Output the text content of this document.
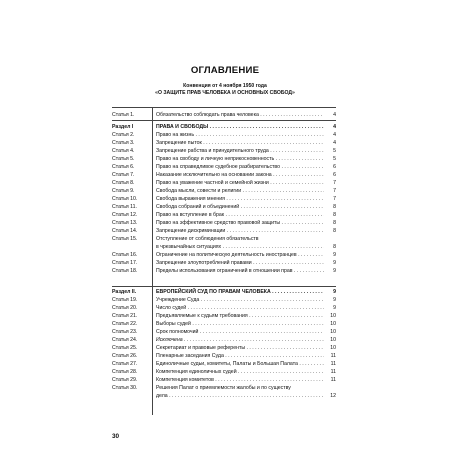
ОГЛАВЛЕНИЕ
Конвенция от 4 ноября 1950 года
«О ЗАЩИТЕ ПРАВ ЧЕЛОВЕКА И ОСНОВНЫХ СВОБОД»
Статья 1.	Обязательство соблюдать права человека . . .	4
Раздел I	ПРАВА И СВОБОДЫ . . .	4
Статья 2.	Право на жизнь . . .	4
Статья 3.	Запрещение пыток . . .	4
Статья 4.	Запрещение рабства и принудительного труда . . .	5
Статья 5.	Право на свободу и личную неприкосновенность . . .	5
Статья 6.	Право на справедливое судебное разбирательство . . .	6
Статья 7.	Наказание исключительно на основании закона . . .	6
Статья 8.	Право на уважение частной и семейной жизни . . .	7
Статья 9.	Свобода мысли, совести и религии . . .	7
Статья 10.	Свобода выражения мнения . . .	7
Статья 11.	Свобода собраний и объединений . . .	8
Статья 12.	Право на вступление в брак . . .	8
Статья 13.	Право на эффективное средство правовой защиты . . .	8
Статья 14.	Запрещение дискриминации . . .	8
Статья 15.	Отступление от соблюдения обязательств
в чрезвычайных ситуациях . . .	8
Статья 16.	Ограничение на политическую деятельность иностранцев . . .	9
Статья 17.	Запрещение злоупотреблений правами . . .	9
Статья 18.	Пределы использования ограничений в отношении прав . . .	9
Раздел II.	ЕВРОПЕЙСКИЙ СУД ПО ПРАВАМ ЧЕЛОВЕКА . . .	9
Статья 19.	Учреждение Суда . . .	9
Статья 20.	Число судей . . .	9
Статья 21.	Предъявляемые к судьям требования . . .	10
Статья 22.	Выборы судей . . .	10
Статья 23.	Срок полномочий . . .	10
Статья 24.	Исключена . . .	10
Статья 25.	Секретариат и правовые референты . . .	10
Статья 26.	Пленарные заседания Суда . . .	11
Статья 27.	Единоличные судьи, комитеты, Палаты и Большая Палата . . .	11
Статья 28.	Компетенция единоличных судей . . .	11
Статья 29.	Компетенция комитетов . . .	11
Статья 30.	Решения Палат о приемлемости жалобы и по существу
дела . . .	12
30
